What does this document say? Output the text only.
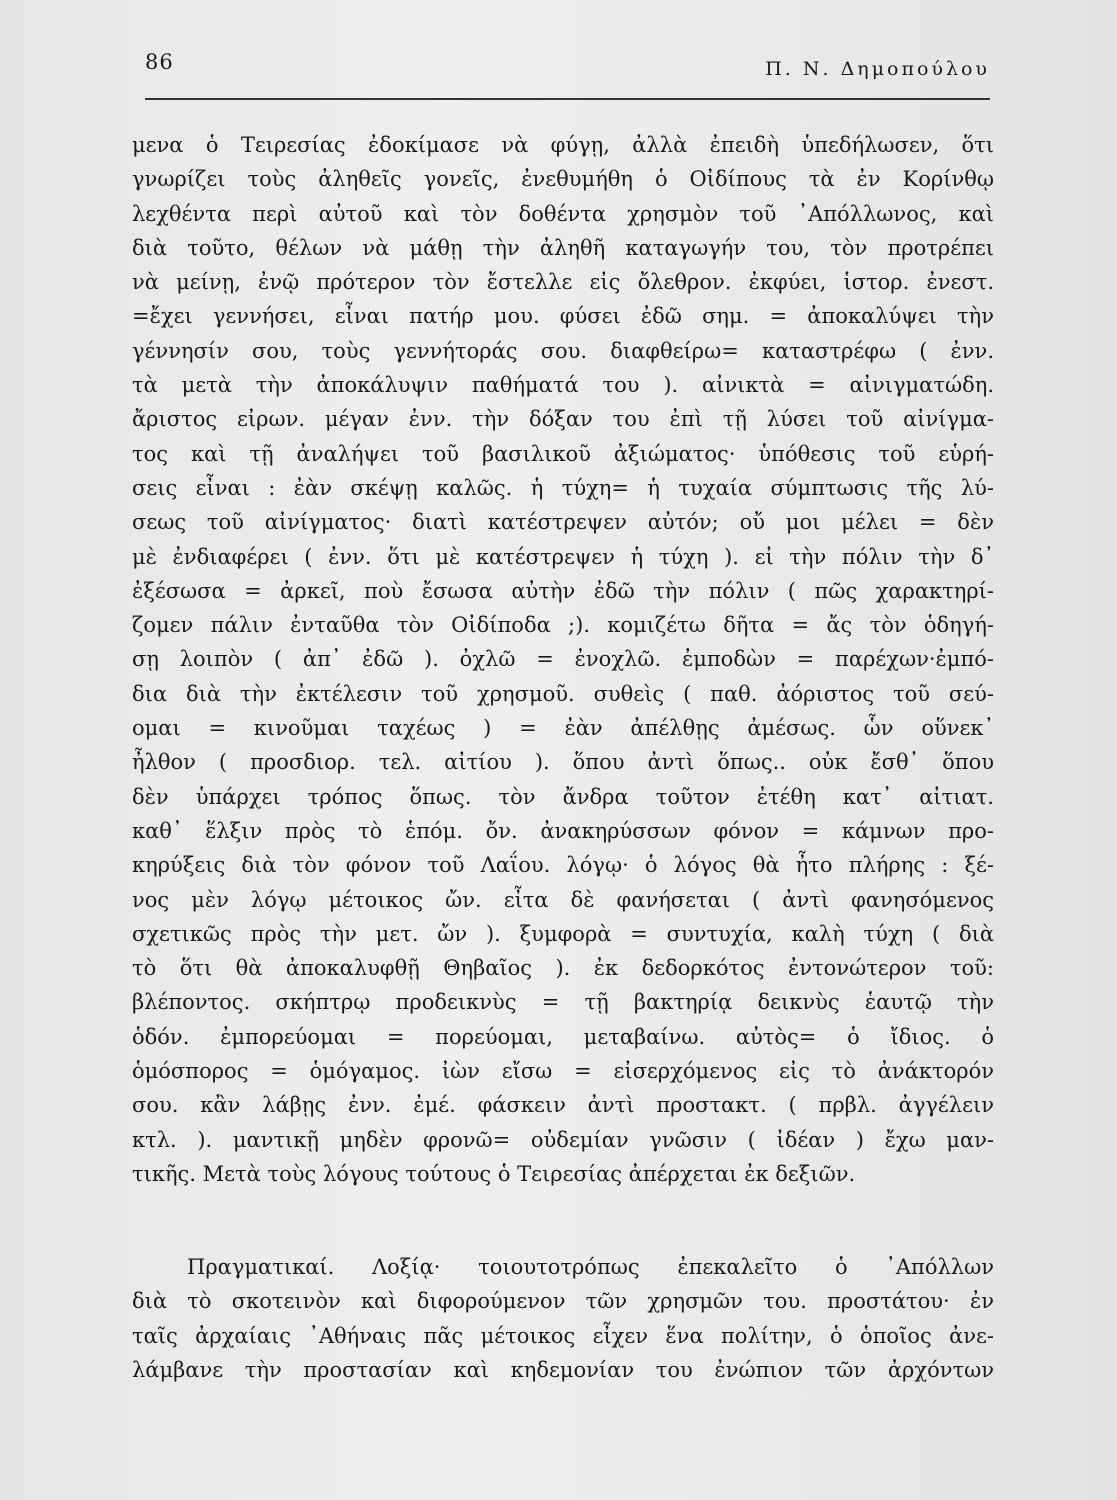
86	Π. Ν. Δημοπούλου
μενα ὁ Τειρεσίας ἐδοκίμασε νὰ φύγῃ, ἀλλὰ ἐπειδὴ ὑπεδήλωσεν, ὅτι
γνωρίζει τοὺς ἀληθεῖς γονεῖς, ἐνεθυμήθη ὁ Οἰδίπους τὰ ἐν Κορίνθῳ
λεχθέντα περὶ αὐτοῦ καὶ τὸν δοθέντα χρησμὸν τοῦ ᾿Απόλλωνος, καὶ
διὰ τοῦτο, θέλων νὰ μάθῃ τὴν ἀληθῆ καταγωγήν του, τὸν προτρέπει
νὰ μείνῃ, ἐνῷ πρότερον τὸν ἔστελλε εἰς ὄλεθρον. ἐκφύει, ἱστορ. ἐνεστ.
=ἔχει γεννήσει, εἶναι πατήρ μου. φύσει ἐδῶ σημ. = ἀποκαλύψει τὴν
γέννησίν σου, τοὺς γεννήτοράς σου. διαφθείρω= καταστρέφω ( ἐνν.
τὰ μετὰ τὴν ἀποκάλυψιν παθήματά του ). αἰνικτὰ = αἰνιγματώδη.
ἄριστος εἰρων. μέγαν ἐνν. τὴν δόξαν του ἐπὶ τῇ λύσει τοῦ αἰνίγμα-
τος καὶ τῇ ἀναλήψει τοῦ βασιλικοῦ ἀξιώματος· ὑπόθεσις τοῦ εὑρή-
σεις εἶναι : ἐὰν σκέψῃ καλῶς. ἡ τύχη= ἡ τυχαία σύμπτωσις τῆς λύ-
σεως τοῦ αἰνίγματος· διατὶ κατέστρεψεν αὐτόν; οὔ μοι μέλει = δὲν
μὲ ἐνδιαφέρει ( ἐνν. ὅτι μὲ κατέστρεψεν ἡ τύχη ). εἰ τὴν πόλιν τὴν δ᾿
ἐξέσωσα = ἀρκεῖ, ποὺ ἔσωσα αὐτὴν ἐδῶ τὴν πόλιν ( πῶς χαρακτηρί-
ζομεν πάλιν ἐνταῦθα τὸν Οἰδίποδα ;). κομιζέτω δῆτα = ἄς τὸν ὁδηγή-
σῃ λοιπὸν ( ἀπ᾿ ἐδῶ ). ὀχλῶ = ἐνοχλῶ. ἐμποδὼν = παρέχων·ἐμπό-
δια διὰ τὴν ἐκτέλεσιν τοῦ χρησμοῦ. συθεὶς ( παθ. ἀόριστος τοῦ σεύ-
ομαι = κινοῦμαι ταχέως ) = ἐὰν ἀπέλθῃς ἀμέσως. ὧν οὕνεκ᾿
ἦλθον ( προσδιορ. τελ. αἰτίου ). ὅπου ἀντὶ ὅπως.. οὐκ ἔσθ᾿ ὅπου
δὲν ὑπάρχει τρόπος ὅπως. τὸν ἄνδρα τοῦτον ἐτέθη κατ᾿ αἰτιατ.
καθ᾿ ἕλξιν πρὸς τὸ ἑπόμ. ὄν. ἀνακηρύσσων φόνον = κάμνων προ-
κηρύξεις διὰ τὸν φόνον τοῦ Λαΐου. λόγῳ· ὁ λόγος θὰ ἦτο πλήρης : ξέ-
νος μὲν λόγῳ μέτοικος ὤν. εἶτα δὲ φανήσεται ( ἀντὶ φανησόμενος
σχετικῶς πρὸς τὴν μετ. ὤν ). ξυμφορὰ = συντυχία, καλὴ τύχη ( διὰ
τὸ ὅτι θὰ ἀποκαλυφθῇ Θηβαῖος ). ἐκ δεδορκότος ἐντονώτερον τοῦ:
βλέποντος. σκήπτρῳ προδεικνὺς = τῇ βακτηρίᾳ δεικνὺς ἑαυτῷ τὴν
ὁδόν. ἐμπορεύομαι = πορεύομαι, μεταβαίνω. αὐτὸς= ὁ ἴδιος. ὁ
ὁμόσπορος = ὁμόγαμος. ἰὼν εἴσω = εἰσερχόμενος εἰς τὸ ἀνάκτορόν
σου. κἂν λάβῃς ἐνν. ἐμέ. φάσκειν ἀντὶ προστακτ. ( πρβλ. ἀγγέλειν
κτλ. ). μαντικῇ μηδὲν φρονῶ= οὐδεμίαν γνῶσιν ( ἰδέαν ) ἔχω μαν-
τικῆς. Μετὰ τοὺς λόγους τούτους ὁ Τειρεσίας ἀπέρχεται ἐκ δεξιῶν.
Πραγματικαί. Λοξίᾳ· τοιουτοτρόπως ἐπεκαλεῖτο ὁ ᾿Απόλλων
διὰ τὸ σκοτεινὸν καὶ διφορούμενον τῶν χρησμῶν του. προστάτου· ἐν
ταῖς ἀρχαίαις ᾿Αθήναις πᾶς μέτοικος εἶχεν ἕνα πολίτην, ὁ ὁποῖος ἀνε-
λάμβανε τὴν προστασίαν καὶ κηδεμονίαν του ἐνώπιον τῶν ἀρχόντων
